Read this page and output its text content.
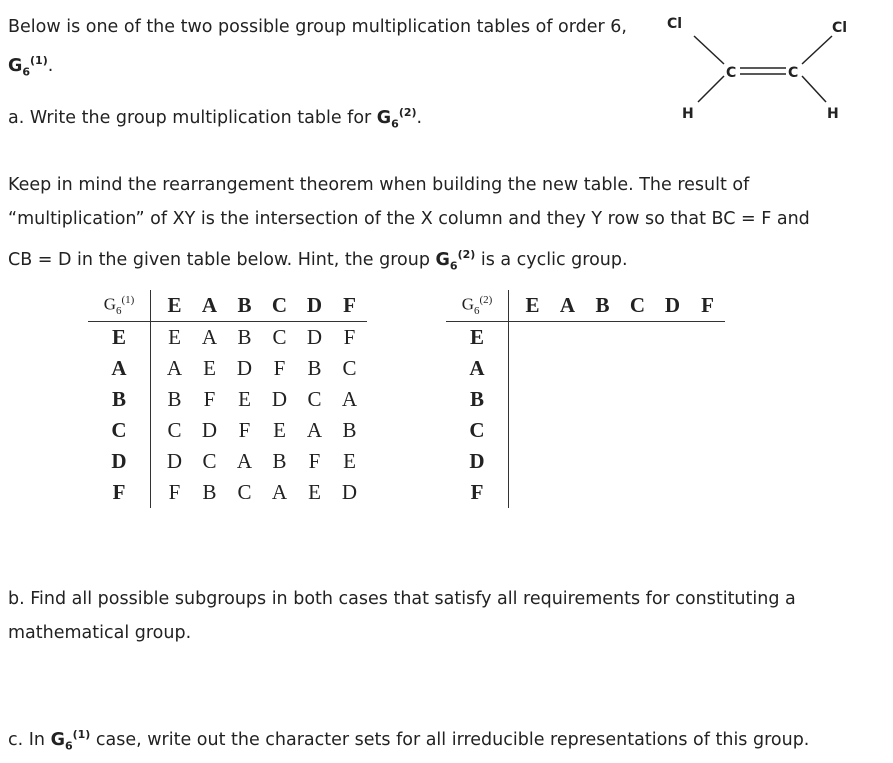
Below is one of the two possible group multiplication tables of order 6,
$G_6^{(1)}$.
a. Write the group multiplication table for $G_6^{(2)}$.
Cl	Cl
C	C
H	H
Keep in mind the rearrangement theorem when building the new table. The result of
“multiplication” of XY is the intersection of the X column and they Y row so that BC = F and
CB = D in the given table below. Hint, the group $G_6^{(2)}$ is a cyclic group.
$G_6^{(1)}$	E	A	B	C	D	F
E	E	A	B	C	D	F
A	A	E	D	F	B	C
B	B	F	E	D	C	A
C	C	D	F	E	A	B
D	D	C	A	B	F	E
F	F	B	C	A	E	D
$G_6^{(2)}$	E	A	B	C	D	F
E						
A						
B						
C						
D						
F						
b. Find all possible subgroups in both cases that satisfy all requirements for constituting a
mathematical group.
c. In $G_6^{(1)}$ case, write out the character sets for all irreducible representations of this group.
